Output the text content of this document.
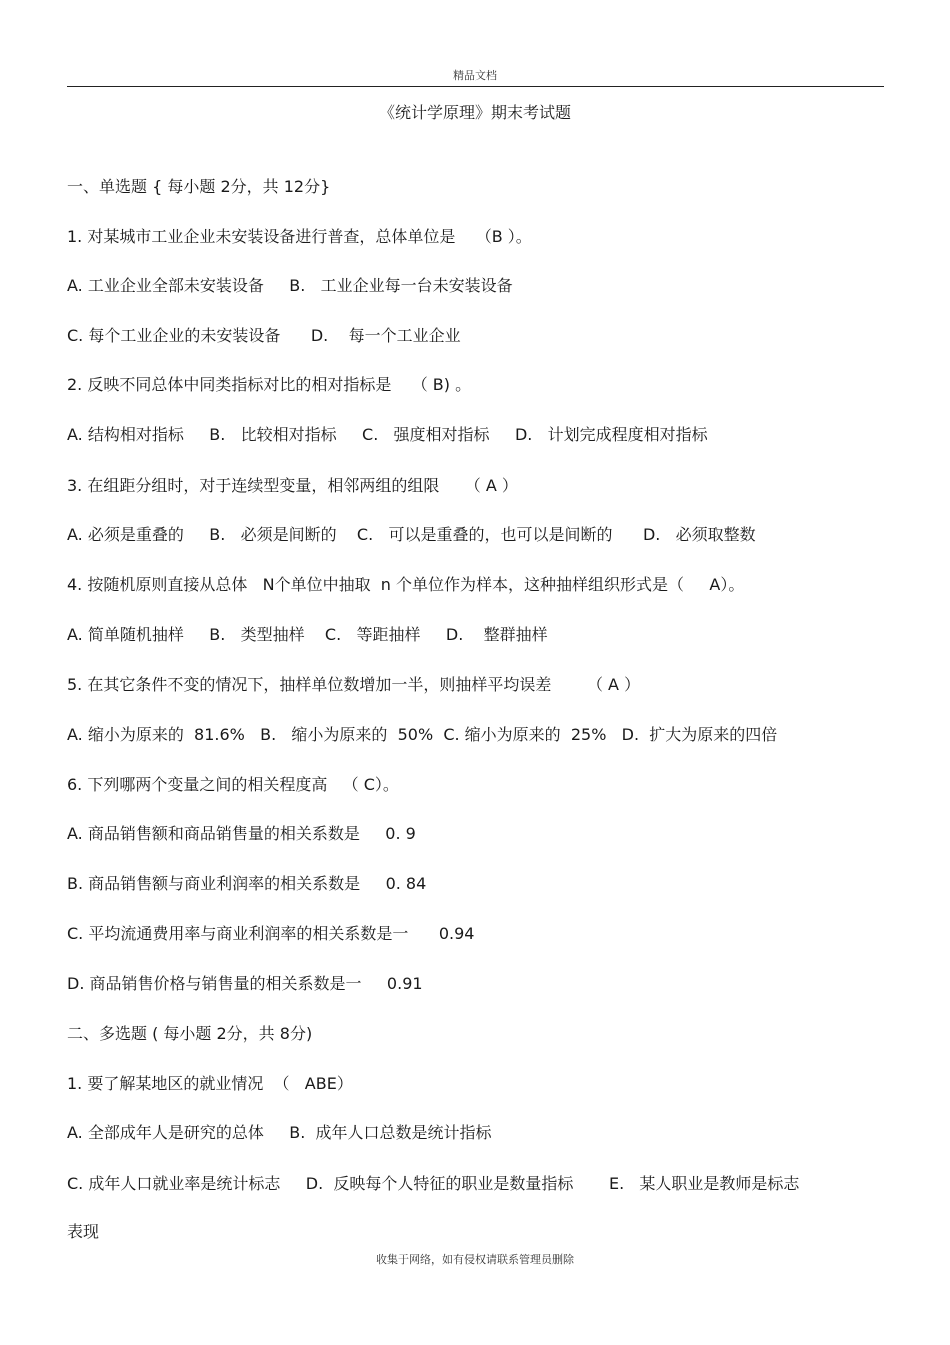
精品文档
《统计学原理》期末考试题
一、单选题 { 每小题 2分，共 12分}
1. 对某城市工业企业未安装设备进行普查，总体单位是    （B ）。
A. 工业企业全部未安装设备     B.   工业企业每一台未安装设备
C. 每个工业企业的未安装设备      D.    每一个工业企业
2. 反映不同总体中同类指标对比的相对指标是    （ B) 。
A. 结构相对指标     B.   比较相对指标     C.   强度相对指标     D.   计划完成程度相对指标
3. 在组距分组时，对于连续型变量，相邻两组的组限     （ A ）
A. 必须是重叠的     B.   必须是间断的    C.   可以是重叠的，也可以是间断的      D.   必须取整数
4. 按随机原则直接从总体   N个单位中抽取  n 个单位作为样本，这种抽样组织形式是（     A）。
A. 简单随机抽样     B.   类型抽样    C.   等距抽样     D.    整群抽样
5. 在其它条件不变的情况下，抽样单位数增加一半，则抽样平均误差       （ A ）
A. 缩小为原来的  81.6%   B.   缩小为原来的  50%  C. 缩小为原来的  25%   D.  扩大为原来的四倍
6. 下列哪两个变量之间的相关程度高   （ C）。
A. 商品销售额和商品销售量的相关系数是     0. 9
B. 商品销售额与商业利润率的相关系数是     0. 84
C. 平均流通费用率与商业利润率的相关系数是一      0.94
D. 商品销售价格与销售量的相关系数是一     0.91
二、多选题 ( 每小题 2分，共 8分)
1. 要了解某地区的就业情况  （   ABE）
A. 全部成年人是研究的总体     B.  成年人口总数是统计指标
C. 成年人口就业率是统计标志     D.  反映每个人特征的职业是数量指标       E.   某人职业是教师是标志
表现
收集于网络，如有侵权请联系管理员删除
